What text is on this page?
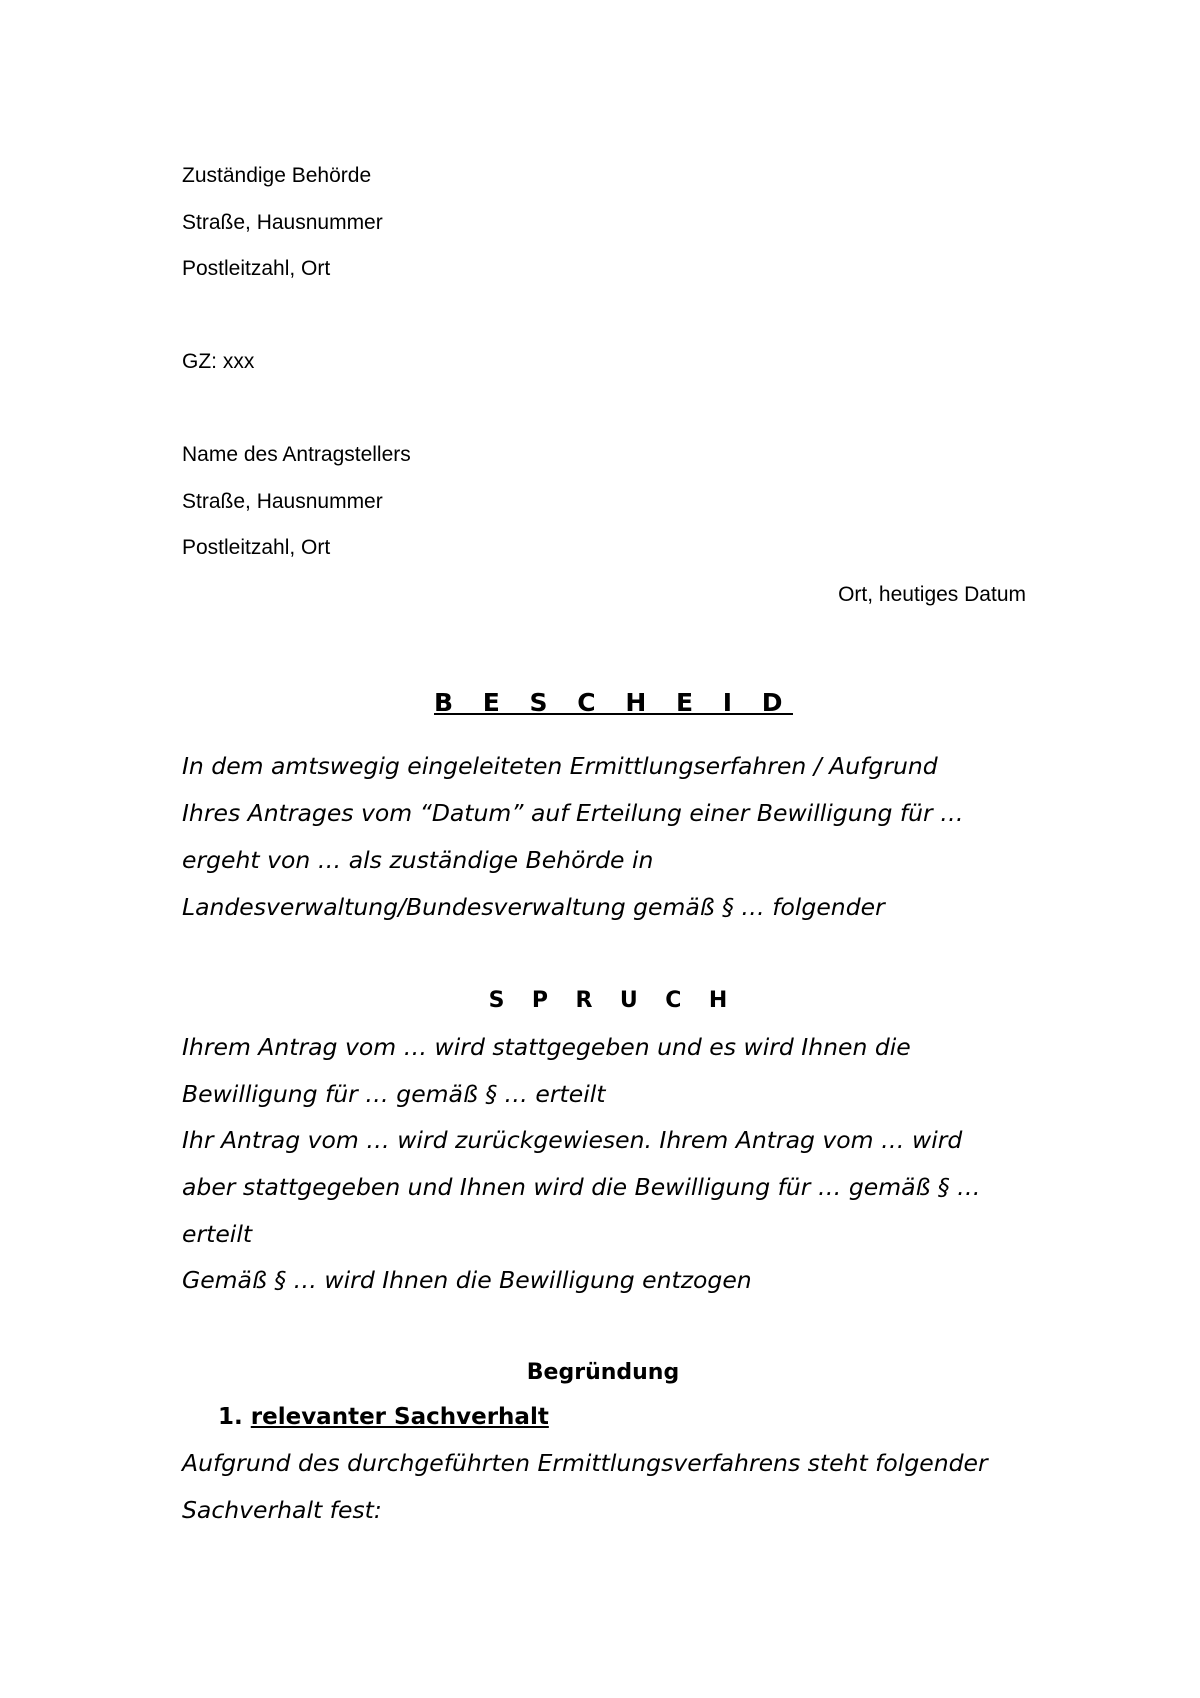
Zuständige Behörde
Straße, Hausnummer
Postleitzahl, Ort
GZ: xxx
Name des Antragstellers
Straße, Hausnummer
Postleitzahl, Ort
Ort, heutiges Datum
B E S C H E I D
In dem amtswegig eingeleiteten Ermittlungserfahren / Aufgrund
Ihres Antrages vom “Datum” auf Erteilung einer Bewilligung für …
ergeht von … als zuständige Behörde in
Landesverwaltung/Bundesverwaltung gemäß § … folgender
S P R U C H
Ihrem Antrag vom … wird stattgegeben und es wird Ihnen die
Bewilligung für … gemäß § … erteilt
Ihr Antrag vom … wird zurückgewiesen. Ihrem Antrag vom … wird
aber stattgegeben und Ihnen wird die Bewilligung für … gemäß § …
erteilt
Gemäß § … wird Ihnen die Bewilligung entzogen
Begründung
1. relevanter Sachverhalt
Aufgrund des durchgeführten Ermittlungsverfahrens steht folgender
Sachverhalt fest:
